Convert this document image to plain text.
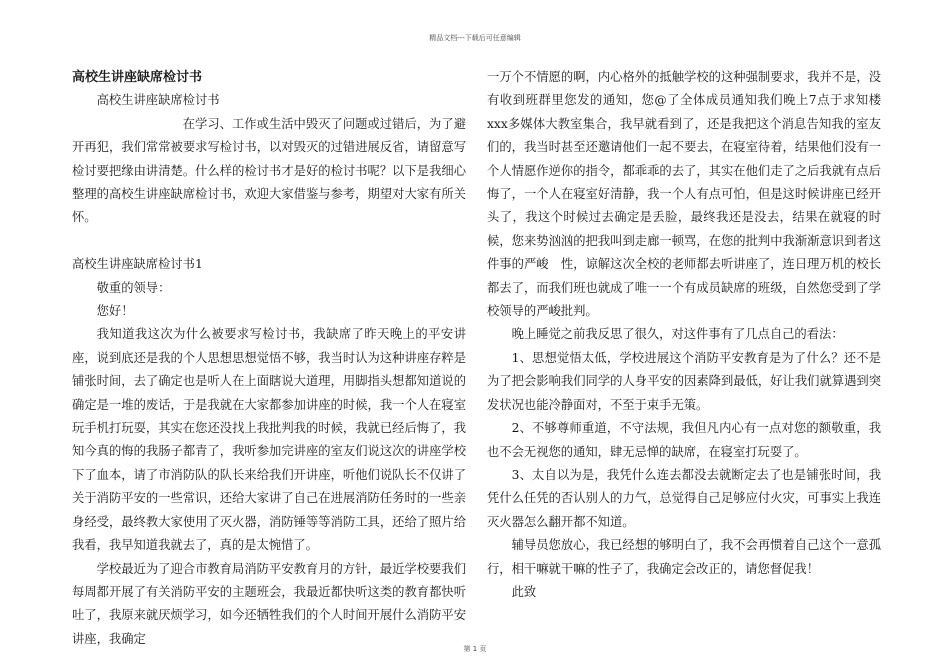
精品文档---下载后可任意编辑

高校生讲座缺席检讨书

高校生讲座缺席检讨书

在学习、工作或生活中毁灭了问题或过错后，为了避开再犯，我们常常被要求写检讨书，以对毁灭的过错进展反省，请留意写检讨要把缘由讲清楚。什么样的检讨书才是好的检讨书呢？以下是我细心整理的高校生讲座缺席检讨书，欢迎大家借鉴与参考，期望对大家有所关怀。

高校生讲座缺席检讨书1

敬重的领导：

您好！

我知道我这次为什么被要求写检讨书，我缺席了昨天晚上的平安讲座，说到底还是我的个人思想思想觉悟不够，我当时认为这种讲座存粹是铺张时间，去了确定也是听人在上面瞎说大道理，用脚指头想都知道说的确定是一堆的废话，于是我就在大家都参加讲座的时候，我一个人在寝室玩手机打玩耍，其实在您还没找上我批判我的时候，我就已经后悔了，我知今真的悔的我肠子都青了，我听参加完讲座的室友们说这次的讲座学校下了血本，请了市消防队的队长来给我们开讲座，听他们说队长不仅讲了关于消防平安的一些常识，还给大家讲了自己在进展消防任务时的一些亲身经受，最终教大家使用了灭火器，消防锤等等消防工具，还给了照片给我看，我早知道我就去了，真的是太惋惜了。

学校最近为了迎合市教育局消防平安教育月的方针，最近学校要我们每周都开展了有关消防平安的主题班会，我最近都快听这类的教育都快听吐了，我原来就厌烦学习，如今还牺牲我们的个人时间开展什么消防平安讲座，我确定

一万个不情愿的啊，内心格外的抵触学校的这种强制要求，我并不是，没有收到班群里您发的通知，您@了全体成员通知我们晚上7点于求知楼xxx多媒体大教室集合，我早就看到了，还是我把这个消息告知我的室友们的，我当时甚至还邀请他们一起不要去，在寝室待着，结果他们没有一个人情愿作逆你的指令，都乖乖的去了，其实在他们走了之后我就有点后悔了，一个人在寝室好清静，我一个人有点可怕，但是这时候讲座已经开头了，我这个时候过去确定是丢脸，最终我还是没去，结果在就寝的时候，您来势汹汹的把我叫到走廊一顿骂，在您的批判中我渐渐意识到者这件事的严峻　性，谅解这次全校的老师都去听讲座了，连日理万机的校长都去了，而我们班也就成了唯一一个有成员缺席的班级，自然您受到了学校领导的严峻批判。

晚上睡觉之前我反思了很久，对这件事有了几点自己的看法：

1、思想觉悟太低，学校进展这个消防平安教育是为了什么？还不是为了把会影响我们同学的人身平安的因素降到最低，好让我们就算遇到突发状况也能冷静面对，不至于束手无策。

2、不够尊师重道，不守法规，我但凡内心有一点对您的额敬重，我也不会无视您的通知，肆无忌惮的缺席，在寝室打玩耍了。

3、太自以为是，我凭什么连去都没去就断定去了也是铺张时间，我凭什么任凭的否认别人的力气，总觉得自己足够应付火灾，可事实上我连灭火器怎么翻开都不知道。

辅导员您放心，我已经想的够明白了，我不会再惯着自己这个一意孤行，相干嘛就干嘛的性子了，我确定会改正的，请您督促我！

此致

第 1 页
